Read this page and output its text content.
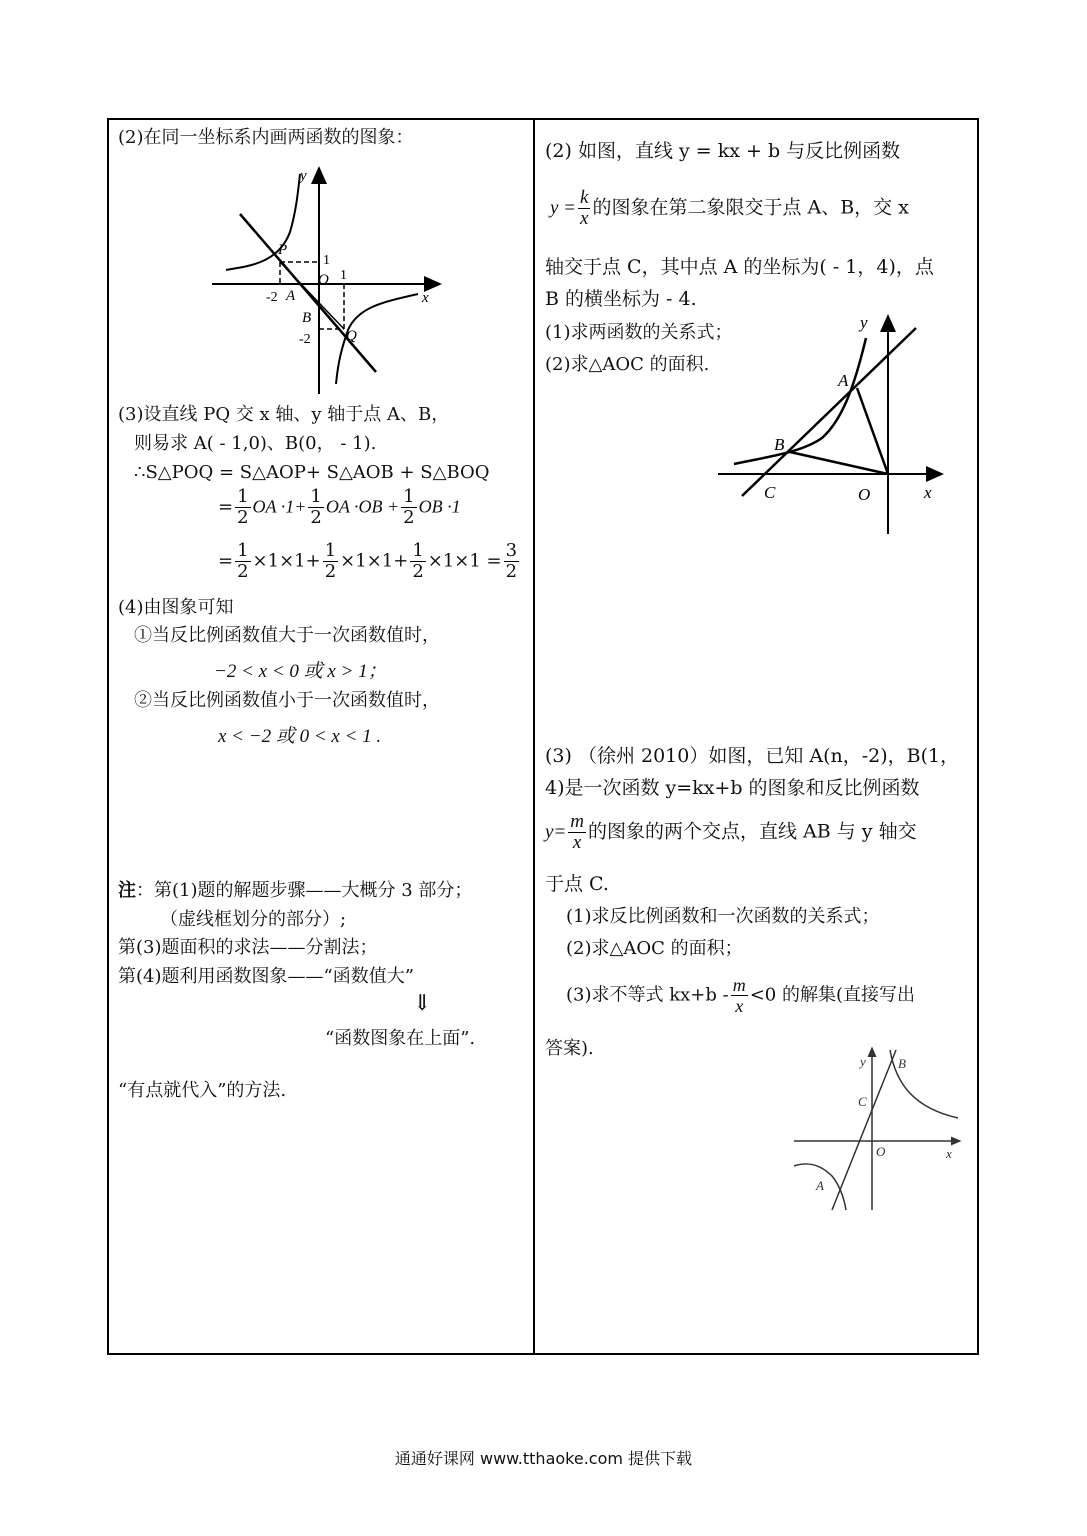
(2)在同一坐标系内画两函数的图象：
y
x
P
O
A
B
Q
1
1
-2
-2
(3)设直线 PQ 交 x 轴、y 轴于点 A、B，
则易求 A( - 1,0)、B(0， - 1).
∴S△POQ = S△AOP+ S△AOB + S△BOQ
= $\frac{1}{2}$ OA $\cdot 1+ \frac{1}{2}$ OA $\cdot OB + \frac{1}{2}$ OB ·1
= $\frac{1}{2} \times 1\times 1+ \frac{1}{2} \times 1\times 1+ \frac{1}{2} \times 1\times 1 = \frac{3}{2}$
(4)由图象可知
①当反比例函数值大于一次函数值时，
−2 < x < 0 或 x > 1；
②当反比例函数值小于一次函数值时，
x < −2 或 0 < x < 1 .
注：第(1)题的解题步骤——大概分 3 部分；
（虚线框划分的部分）;
第(3)题面积的求法——分割法；
第(4)题利用函数图象——“函数值大”
⇓
“函数图象在上面”.
“有点就代入”的方法.
(2) 如图，直线 y = kx + b 与反比例函数
$y = \frac{k}{x}$ 的图象在第二象限交于点 A、B，交 x
轴交于点 C，其中点 A 的坐标为( - 1，4)，点
B 的横坐标为 - 4.
(1)求两函数的关系式；
(2)求△AOC 的面积.
y
A
B
C	O	x
(3) （徐州 2010）如图，已知 A(n，-2)，B(1，
4)是一次函数 y=kx+b 的图象和反比例函数
$y= \frac{m}{x}$ 的图象的两个交点，直线 AB 与 y 轴交
于点 C.
(1)求反比例函数和一次函数的关系式；
(2)求△AOC 的面积；
(3)求不等式 $kx+b - \frac{m}{x} <0$ 的解集(直接写出
答案).
y B
C
O	x
A
通通好课网 www.tthaoke.com 提供下载
